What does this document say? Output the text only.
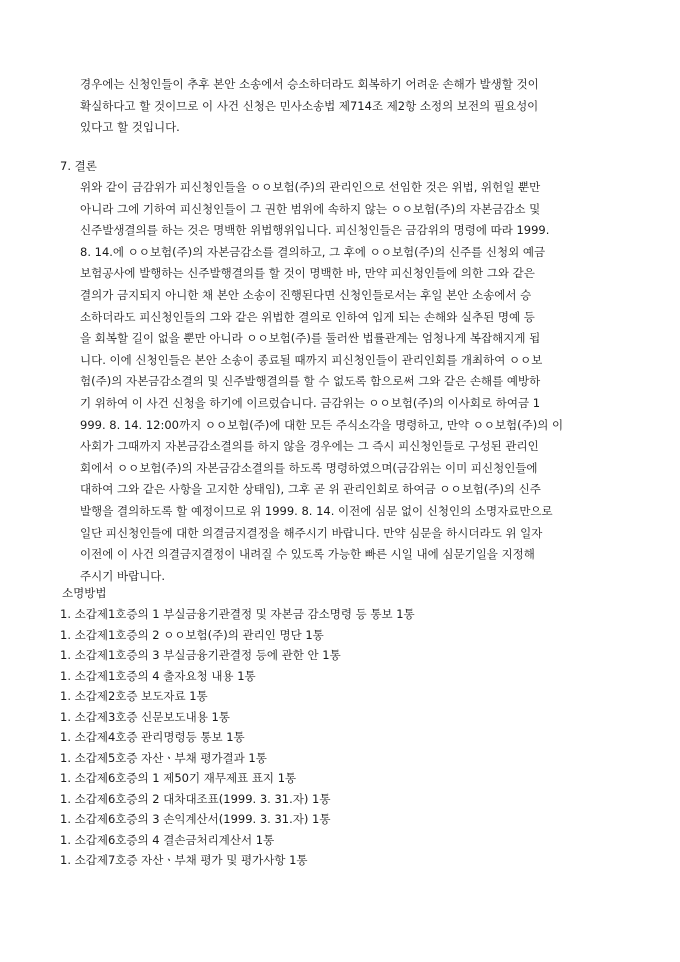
경우에는 신청인들이 추후 본안 소송에서 승소하더라도 회복하기 어려운 손해가 발생할 것이
확실하다고 할 것이므로 이 사건 신청은 민사소송법 제714조 제2항 소정의 보전의 필요성이
있다고 할 것입니다.

7. 결론

위와 같이 금감위가 피신청인들을 ㅇㅇ보험(주)의 관리인으로 선임한 것은 위법, 위헌일 뿐만
아니라 그에 기하여 피신청인들이 그 권한 범위에 속하지 않는 ㅇㅇ보험(주)의 자본금감소 및
신주발생결의를 하는 것은 명백한 위법행위입니다. 피신청인들은 금감위의 명령에 따라 1999.
8. 14.에 ㅇㅇ보험(주)의 자본금감소를 결의하고, 그 후에 ㅇㅇ보험(주)의 신주를 신청외 예금
보험공사에 발행하는 신주발행결의를 할 것이 명백한 바, 만약 피신청인들에 의한 그와 같은
결의가 금지되지 아니한 채 본안 소송이 진행된다면 신청인들로서는 후일 본안 소송에서 승
소하더라도 피신청인들의 그와 같은 위법한 결의로 인하여 입게 되는 손해와 실추된 명예 등
을 회복할 길이 없을 뿐만 아니라 ㅇㅇ보험(주)를 둘러싼 법률관계는 엄청나게 복잡해지게 됩
니다. 이에 신청인들은 본안 소송이 종료될 때까지 피신청인들이 관리인회를 개최하여 ㅇㅇ보
험(주)의 자본금감소결의 및 신주발행결의를 할 수 없도록 함으로써 그와 같은 손해를 예방하
기 위하여 이 사건 신청을 하기에 이르렀습니다. 금감위는 ㅇㅇ보험(주)의 이사회로 하여금 1
999. 8. 14. 12:00까지 ㅇㅇ보험(주)에 대한 모든 주식소각을 명령하고, 만약 ㅇㅇ보험(주)의 이
사회가 그때까지 자본금감소결의를 하지 않을 경우에는 그 즉시 피신청인들로 구성된 관리인
회에서 ㅇㅇ보험(주)의 자본금감소결의를 하도록 명령하였으며(금감위는 이미 피신청인들에
대하여 그와 같은 사항을 고지한 상태임), 그후 곧 위 관리인회로 하여금 ㅇㅇ보험(주)의 신주
발행을 결의하도록 할 예정이므로 위 1999. 8. 14. 이전에 심문 없이 신청인의 소명자료만으로
일단 피신청인들에 대한 의결금지결정을 해주시기 바랍니다. 만약 심문을 하시더라도 위 일자
이전에 이 사건 의결금지결정이 내려질 수 있도록 가능한 빠른 시일 내에 심문기일을 지정해
주시기 바랍니다.

소명방법

1. 소갑제1호증의 1 부실금융기관결정 및 자본금 감소명령 등 통보 1통
1. 소갑제1호증의 2 ㅇㅇ보험(주)의 관리인 명단 1통
1. 소갑제1호증의 3 부실금융기관결정 등에 관한 안 1통
1. 소갑제1호증의 4 출자요청 내용 1통
1. 소갑제2호증 보도자료 1통
1. 소갑제3호증 신문보도내용 1통
1. 소갑제4호증 관리명령등 통보 1통
1. 소갑제5호증 자산ㆍ부채 평가결과 1통
1. 소갑제6호증의 1 제50기 재무제표 표지 1통
1. 소갑제6호증의 2 대차대조표(1999. 3. 31.자) 1통
1. 소갑제6호증의 3 손익계산서(1999. 3. 31.자) 1통
1. 소갑제6호증의 4 결손금처리계산서 1통
1. 소갑제7호증 자산ㆍ부채 평가 및 평가사항 1통
